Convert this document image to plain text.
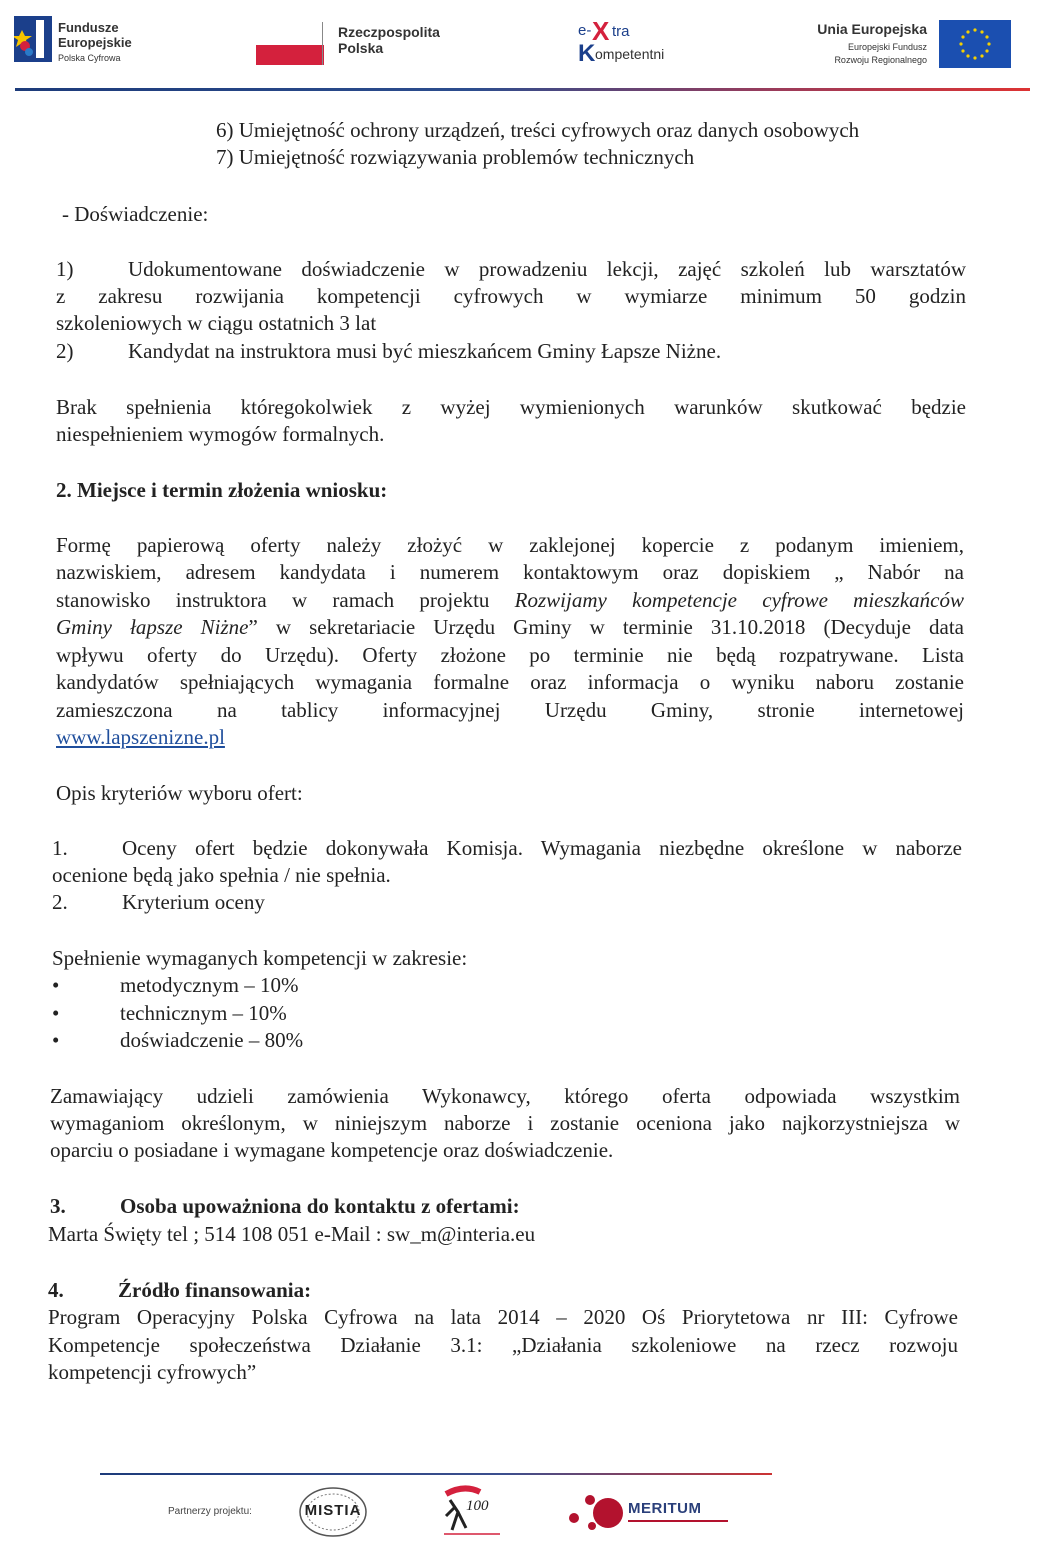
Fundusze
Europejskie
Polska Cyfrowa
Rzeczpospolita
Polska
e- X tra
K ompetentni
Unia Europejska
Europejski Fundusz
Rozwoju Regionalnego
6) Umiejętność ochrony urządzeń, treści cyfrowych oraz danych osobowych
7) Umiejętność rozwiązywania problemów technicznych
- Doświadczenie:
1)	Udokumentowane doświadczenie w prowadzeniu lekcji, zajęć szkoleń lub warsztatów
z zakresu rozwijania kompetencji cyfrowych w wymiarze minimum 50 godzin
szkoleniowych w ciągu ostatnich 3 lat
2)	Kandydat na instruktora musi być mieszkańcem Gminy Łapsze Niżne.
Brak spełnienia któregokolwiek z wyżej wymienionych warunków skutkować będzie
niespełnieniem wymogów formalnych.
2. Miejsce i termin złożenia wniosku:
Formę papierową oferty należy złożyć w zaklejonej kopercie z podanym imieniem,
nazwiskiem, adresem kandydata i numerem kontaktowym oraz dopiskiem „ Nabór na
stanowisko instruktora w ramach projektu Rozwijamy kompetencje cyfrowe mieszkańców
Gminy łapsze Niżne” w sekretariacie Urzędu Gminy w terminie 31.10.2018 (Decyduje data
wpływu oferty do Urzędu). Oferty złożone po terminie nie będą rozpatrywane. Lista
kandydatów spełniających wymagania formalne oraz informacja o wyniku naboru zostanie
zamieszczona na tablicy informacyjnej Urzędu Gminy, stronie internetowej
www.lapszenizne.pl
Opis kryteriów wyboru ofert:
1.	Oceny ofert będzie dokonywała Komisja. Wymagania niezbędne określone w naborze
ocenione będą jako spełnia / nie spełnia.
2.	Kryterium oceny
Spełnienie wymaganych kompetencji w zakresie:
•	metodycznym – 10%
•	technicznym – 10%
•	doświadczenie – 80%
Zamawiający udzieli zamówienia Wykonawcy, którego oferta odpowiada wszystkim
wymaganiom określonym, w niniejszym naborze i zostanie oceniona jako najkorzystniejsza w
oparciu o posiadane i wymagane kompetencje oraz doświadczenie.
3.	Osoba upoważniona do kontaktu z ofertami:
Marta Święty tel ; 514 108 051 e-Mail : sw_m@interia.eu
4.	Źródło finansowania:
Program Operacyjny Polska Cyfrowa na lata 2014 – 2020 Oś Priorytetowa nr III: Cyfrowe
Kompetencje społeczeństwa Działanie 3.1: „Działania szkoleniowe na rzecz rozwoju
kompetencji cyfrowych”
Partnerzy projektu:	MISTIA	100	MERITUM
